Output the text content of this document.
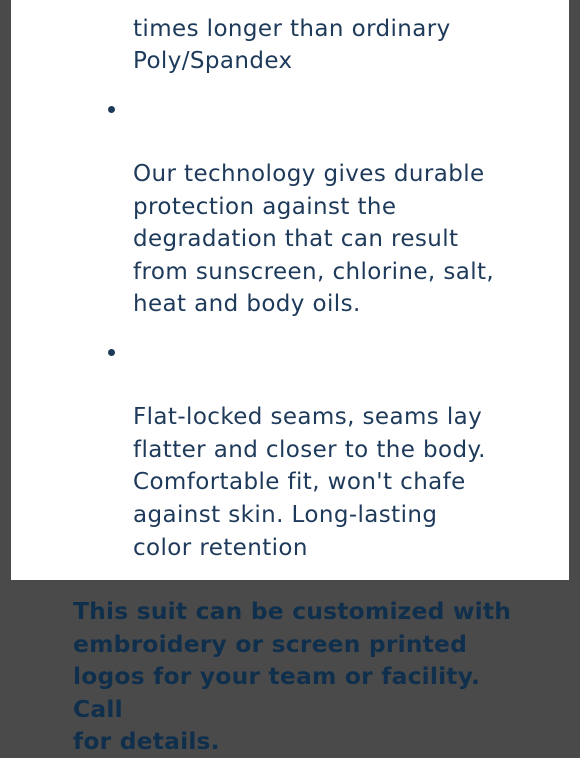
times longer than ordinary
Poly/Spandex

Our technology gives durable
protection against the
degradation that can result
from sunscreen, chlorine, salt,
heat and body oils.

Flat-locked seams, seams lay
flatter and closer to the body.
Comfortable fit, won't chafe
against skin. Long-lasting
color retention

This suit can be customized with
embroidery or screen printed
logos for your team or facility. Call
for details.
